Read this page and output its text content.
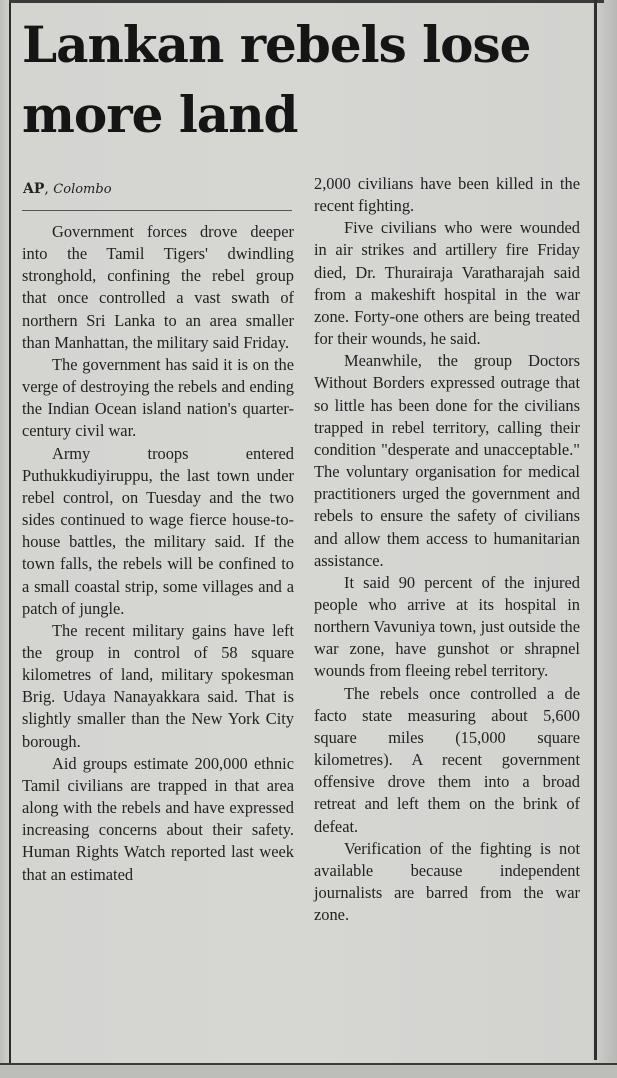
Lankan rebels lose more land
AP, Colombo

Government forces drove deeper into the Tamil Tigers' dwindling stronghold, confining the rebel group that once controlled a vast swath of northern Sri Lanka to an area smaller than Manhattan, the military said Friday.

The government has said it is on the verge of destroying the rebels and ending the Indian Ocean island nation's quarter-century civil war.

Army troops entered Puthukkudiyiruppu, the last town under rebel control, on Tuesday and the two sides continued to wage fierce house-to-house battles, the military said. If the town falls, the rebels will be confined to a small coastal strip, some villages and a patch of jungle.

The recent military gains have left the group in control of 58 square kilometres of land, military spokesman Brig. Udaya Nanayakkara said. That is slightly smaller than the New York City borough.

Aid groups estimate 200,000 ethnic Tamil civilians are trapped in that area along with the rebels and have expressed increasing concerns about their safety. Human Rights Watch reported last week that an estimated

2,000 civilians have been killed in the recent fighting.

Five civilians who were wounded in air strikes and artillery fire Friday died, Dr. Thurairaja Varatharajah said from a makeshift hospital in the war zone. Forty-one others are being treated for their wounds, he said.

Meanwhile, the group Doctors Without Borders expressed outrage that so little has been done for the civilians trapped in rebel territory, calling their condition "desperate and unacceptable." The voluntary organisation for medical practitioners urged the government and rebels to ensure the safety of civilians and allow them access to humanitarian assistance.

It said 90 percent of the injured people who arrive at its hospital in northern Vavuniya town, just outside the war zone, have gunshot or shrapnel wounds from fleeing rebel territory.

The rebels once controlled a de facto state measuring about 5,600 square miles (15,000 square kilometres). A recent government offensive drove them into a broad retreat and left them on the brink of defeat.

Verification of the fighting is not available because independent journalists are barred from the war zone.
